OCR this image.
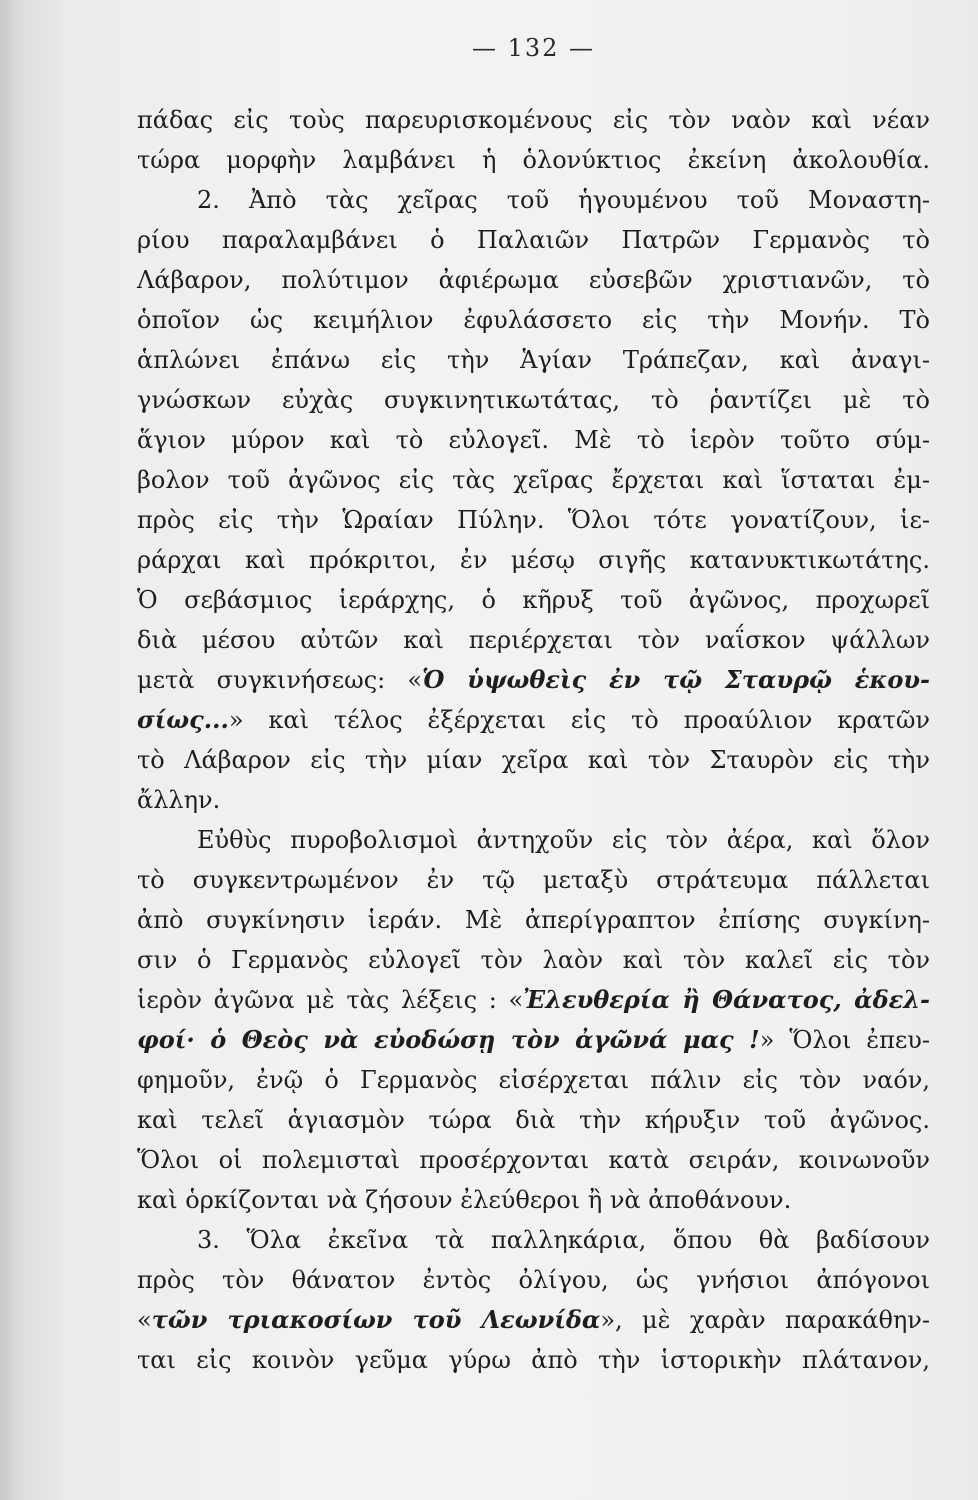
— 132 —
πάδας εἰς τοὺς παρευρισκομένους εἰς τὸν ναὸν καὶ νέαν
τώρα μορφὴν λαμβάνει ἡ ὁλονύκτιος ἐκείνη ἀκολουθία.
2. Ἀπὸ τὰς χεῖρας τοῦ ἡγουμένου τοῦ Μοναστη-
ρίου παραλαμβάνει ὁ Παλαιῶν Πατρῶν Γερμανὸς τὸ
Λάβαρον, πολύτιμον ἀφιέρωμα εὐσεβῶν χριστιανῶν, τὸ
ὁποῖον ὡς κειμήλιον ἐφυλάσσετο εἰς τὴν Μονήν. Τὸ
ἁπλώνει ἐπάνω εἰς τὴν Ἁγίαν Τράπεζαν, καὶ ἀναγι-
γνώσκων εὐχὰς συγκινητικωτάτας, τὸ ῥαντίζει μὲ τὸ
ἅγιον μύρον καὶ τὸ εὐλογεῖ. Μὲ τὸ ἱερὸν τοῦτο σύμ-
βολον τοῦ ἀγῶνος εἰς τὰς χεῖρας ἔρχεται καὶ ἵσταται ἐμ-
πρὸς εἰς τὴν Ὡραίαν Πύλην. Ὅλοι τότε γονατίζουν, ἱε-
ράρχαι καὶ πρόκριτοι, ἐν μέσῳ σιγῆς κατανυκτικωτάτης.
Ὁ σεβάσμιος ἱεράρχης, ὁ κῆρυξ τοῦ ἀγῶνος, προχωρεῖ
διὰ μέσου αὐτῶν καὶ περιέρχεται τὸν ναΐσκον ψάλλων
μετὰ συγκινήσεως: «Ὁ ὑψωθεὶς ἐν τῷ Σταυρῷ ἑκου-
σίως...» καὶ τέλος ἐξέρχεται εἰς τὸ προαύλιον κρατῶν
τὸ Λάβαρον εἰς τὴν μίαν χεῖρα καὶ τὸν Σταυρὸν εἰς τὴν
ἄλλην.
Εὐθὺς πυροβολισμοὶ ἀντηχοῦν εἰς τὸν ἀέρα, καὶ ὅλον
τὸ συγκεντρωμένον ἐν τῷ μεταξὺ στράτευμα πάλλεται
ἀπὸ συγκίνησιν ἱεράν. Μὲ ἀπερίγραπτον ἐπίσης συγκίνη-
σιν ὁ Γερμανὸς εὐλογεῖ τὸν λαὸν καὶ τὸν καλεῖ εἰς τὸν
ἱερὸν ἀγῶνα μὲ τὰς λέξεις : «Ἐλευθερία ἢ Θάνατος, ἀδελ-
φοί· ὁ Θεὸς νὰ εὐοδώσῃ τὸν ἀγῶνά μας !» Ὅλοι ἐπευ-
φημοῦν, ἐνῷ ὁ Γερμανὸς εἰσέρχεται πάλιν εἰς τὸν ναόν,
καὶ τελεῖ ἁγιασμὸν τώρα διὰ τὴν κήρυξιν τοῦ ἀγῶνος.
Ὅλοι οἱ πολεμισταὶ προσέρχονται κατὰ σειράν, κοινωνοῦν
καὶ ὁρκίζονται νὰ ζήσουν ἐλεύθεροι ἢ νὰ ἀποθάνουν.
3. Ὅλα ἐκεῖνα τὰ παλληκάρια, ὅπου θὰ βαδίσουν
πρὸς τὸν θάνατον ἐντὸς ὀλίγου, ὡς γνήσιοι ἀπόγονοι
«τῶν τριακοσίων τοῦ Λεωνίδα», μὲ χαρὰν παρακάθην-
ται εἰς κοινὸν γεῦμα γύρω ἀπὸ τὴν ἱστορικὴν πλάτανον,
